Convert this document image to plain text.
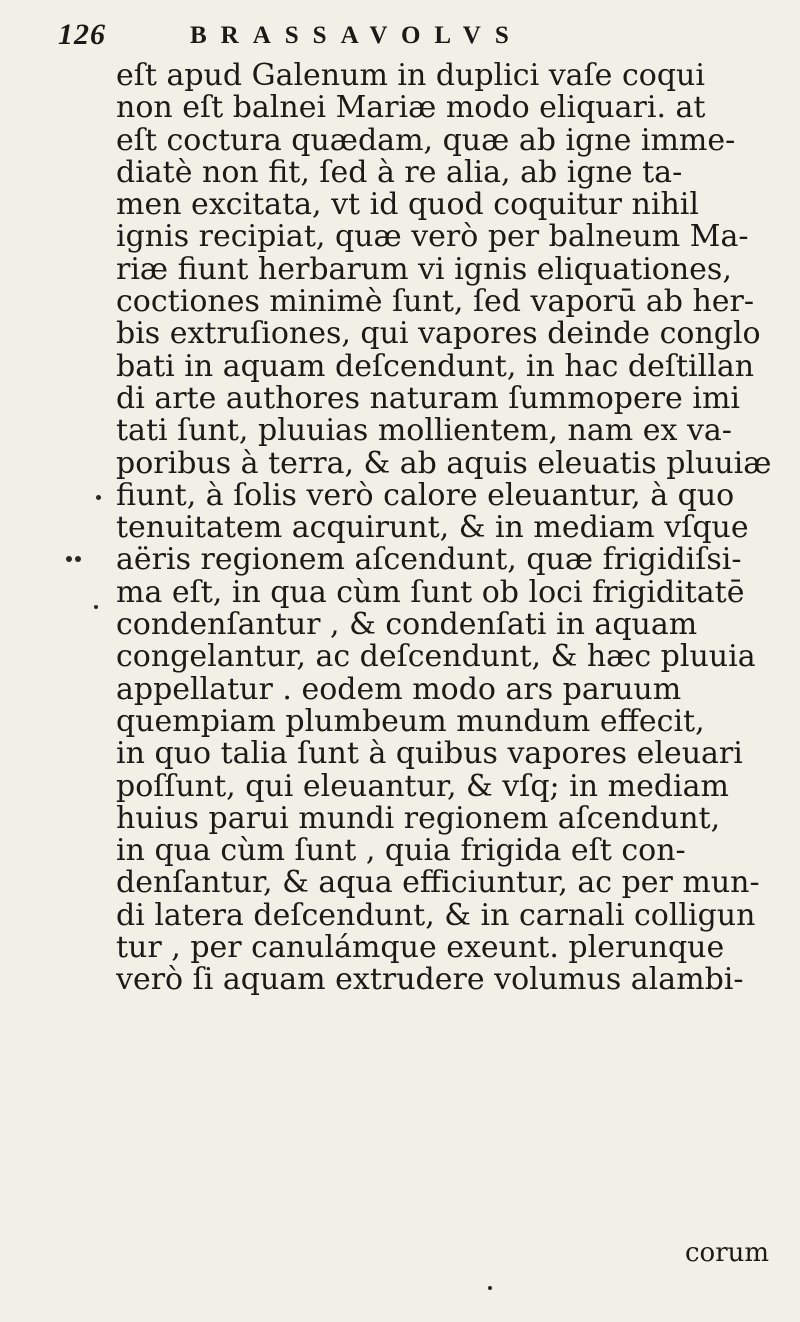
126	BRASSAVOLVS
eſt apud Galenum in duplici vaſe coqui
non eſt balnei Mariæ modo eliquari. at
eſt coctura quædam, quæ ab igne imme-
diatè non fit, ſed à re alia, ab igne ta-
men excitata, vt id quod coquitur nihil
ignis recipiat, quæ verò per balneum Ma-
riæ fiunt herbarum vi ignis eliquationes,
coctiones minimè ſunt, ſed vaporū ab her-
bis extruſiones, qui vapores deinde conglo
bati in aquam deſcendunt, in hac deſtillan
di arte authores naturam ſummopere imi
tati ſunt, pluuias mollientem, nam ex va-
poribus à terra, & ab aquis eleuatis pluuiæ
fiunt, à ſolis verò calore eleuantur, à quo
tenuitatem acquirunt, & in mediam vſque
aëris regionem aſcendunt, quæ frigidiſsi-
ma eſt, in qua cùm ſunt ob loci frigiditatē
condenſantur , & condenſati in aquam
congelantur, ac deſcendunt, & hæc pluuia
appellatur . eodem modo ars paruum
quempiam plumbeum mundum effecit,
in quo talia ſunt à quibus vapores eleuari
poſſunt, qui eleuantur, & vſq; in mediam
huius parui mundi regionem aſcendunt,
in qua cùm ſunt , quia frigida eſt con-
denſantur, & aqua efficiuntur, ac per mun-
di latera deſcendunt, & in carnali colligun
tur , per canulámque exeunt. plerunque
verò ſi aquam extrudere volumus alambi-
corum
